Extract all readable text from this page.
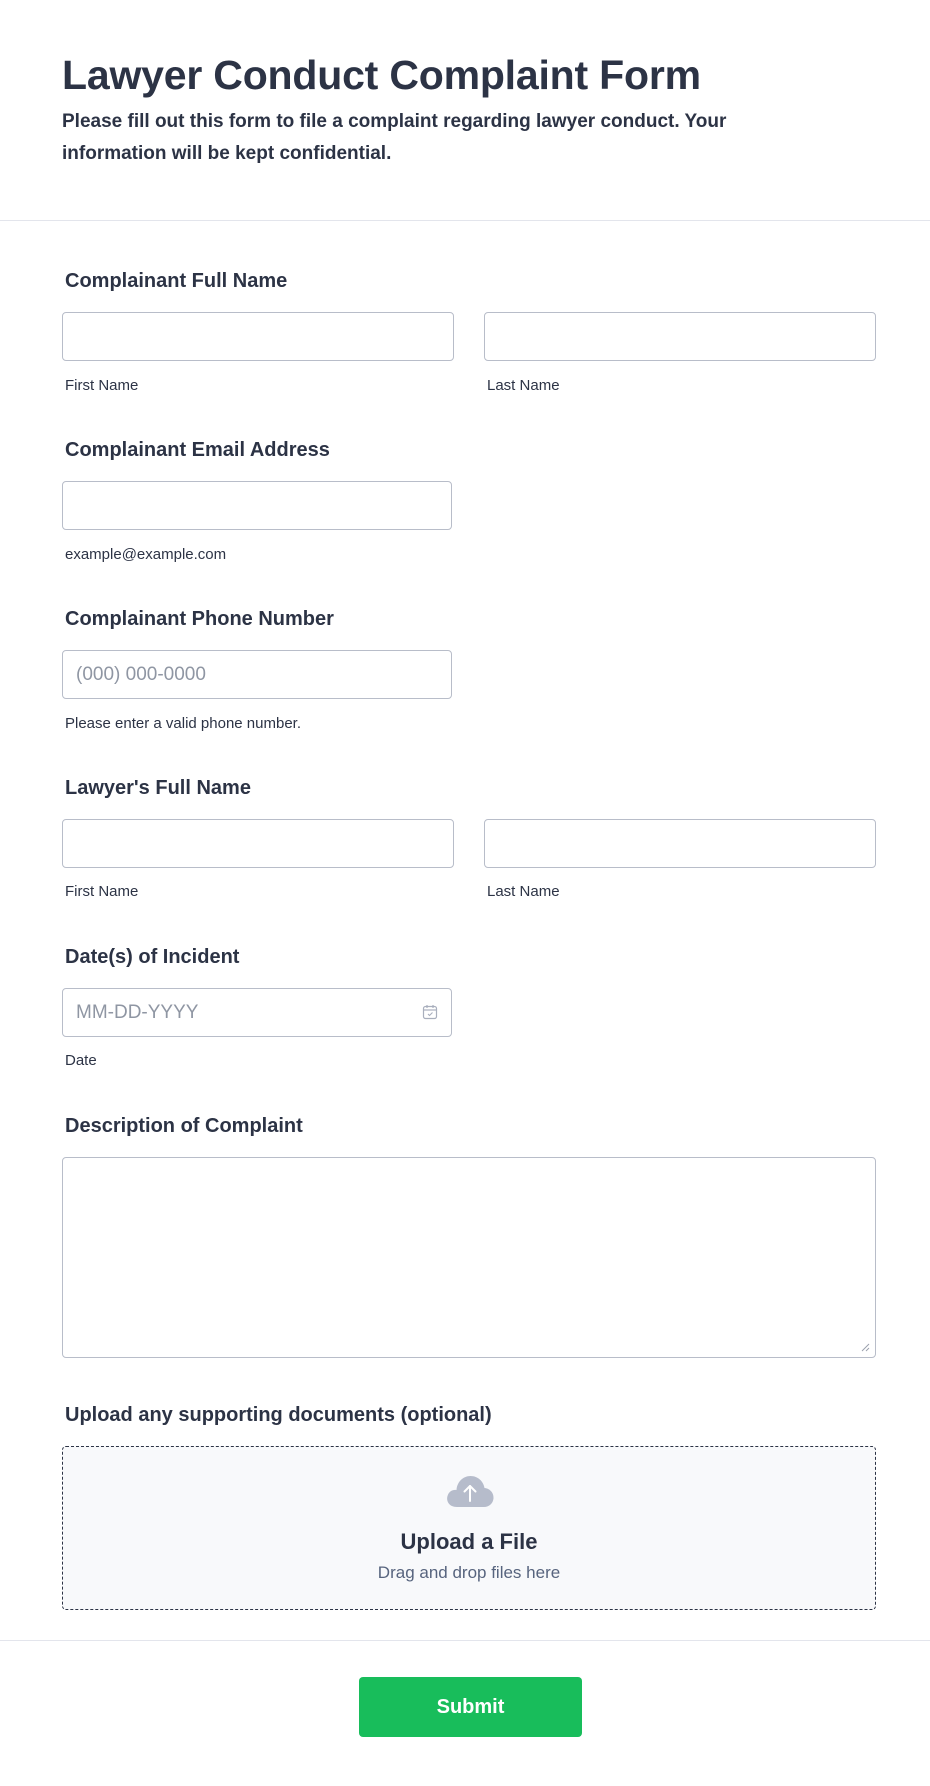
Lawyer Conduct Complaint Form

Please fill out this form to file a complaint regarding lawyer conduct. Your information will be kept confidential.

Complainant Full Name
First Name	Last Name
Complainant Email Address
example@example.com
Complainant Phone Number
(000) 000-0000
Please enter a valid phone number.
Lawyer's Full Name
First Name	Last Name
Date(s) of Incident
MM-DD-YYYY
Date
Description of Complaint
Upload any supporting documents (optional)
Upload a File
Drag and drop files here
Submit
